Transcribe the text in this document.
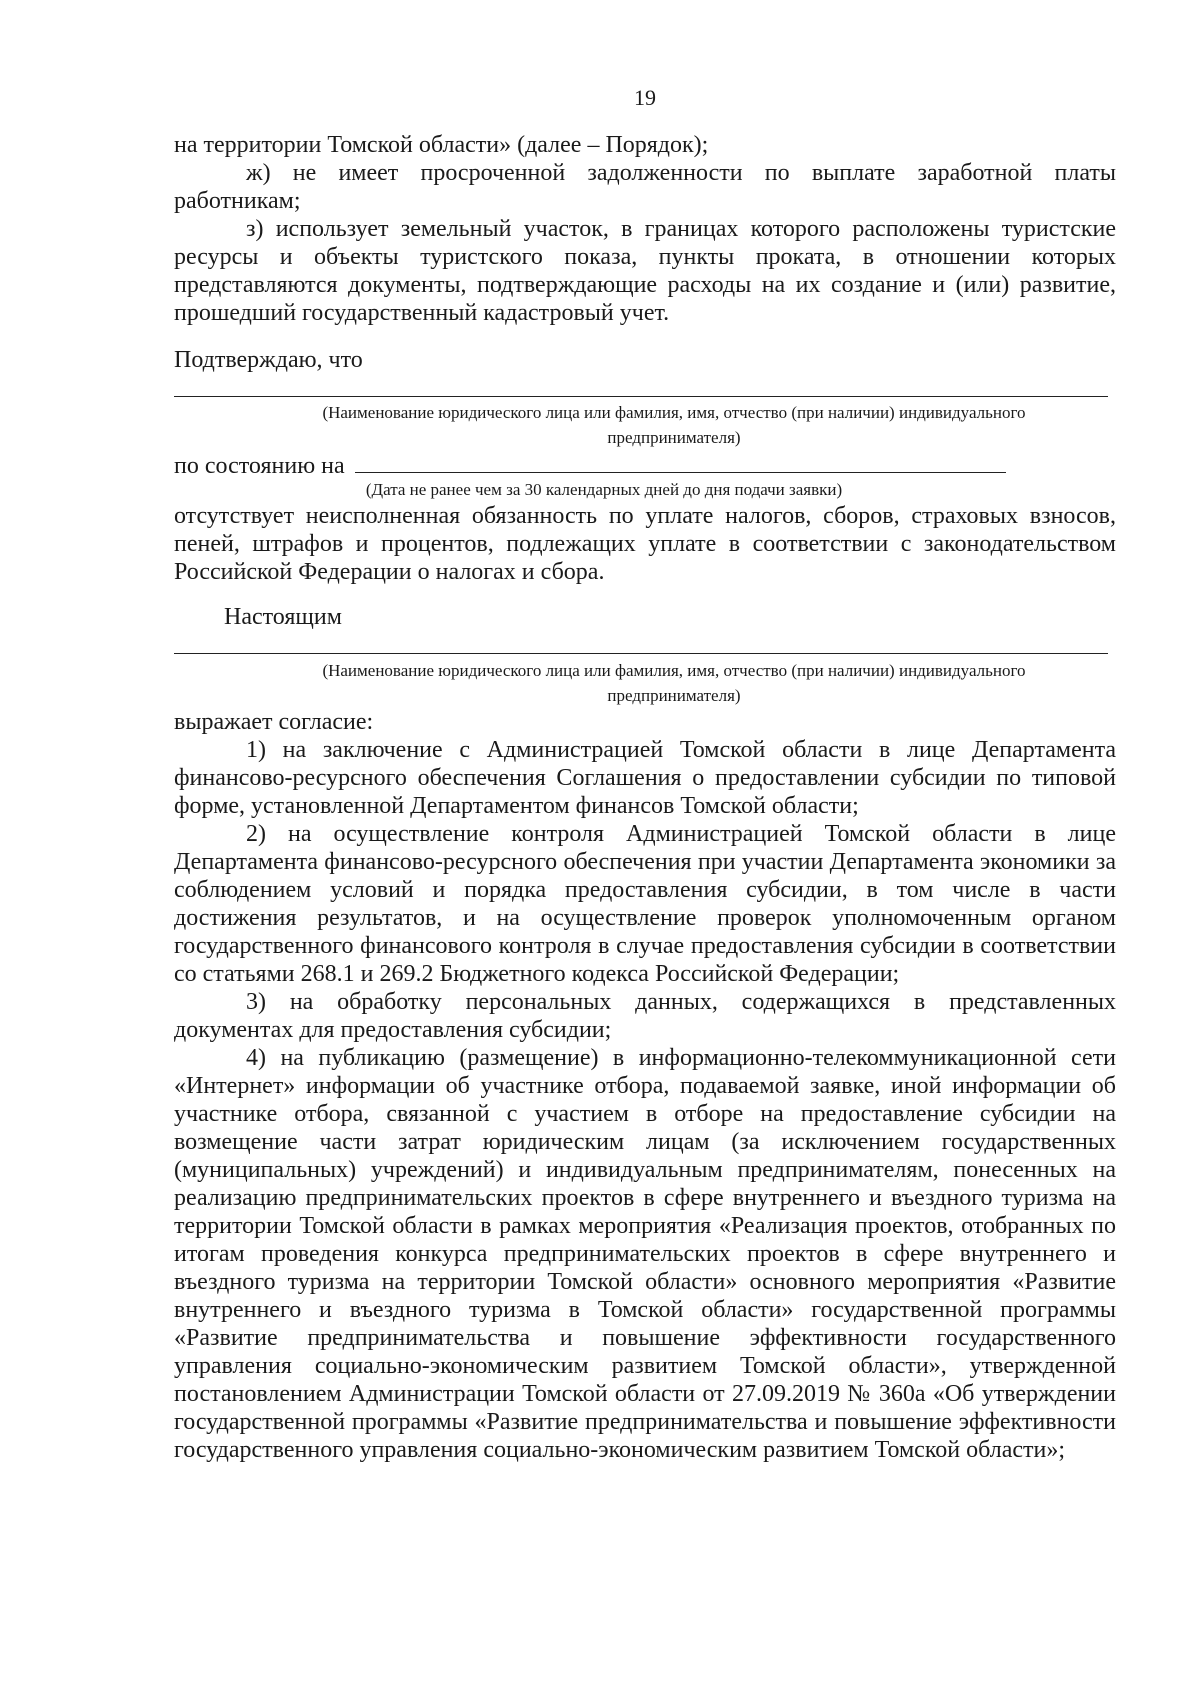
19
на территории Томской области» (далее – Порядок);
ж) не имеет просроченной задолженности по выплате заработной платы работникам;
з) использует земельный участок, в границах которого расположены туристские ресурсы и объекты туристского показа, пункты проката, в отношении которых представляются документы, подтверждающие расходы на их создание и (или) развитие, прошедший государственный кадастровый учет.
Подтверждаю, что
(Наименование юридического лица или фамилия, имя, отчество (при наличии) индивидуального
предпринимателя)
по состоянию на
(Дата не ранее чем за 30 календарных дней до дня подачи заявки)
отсутствует неисполненная обязанность по уплате налогов, сборов, страховых взносов, пеней, штрафов и процентов, подлежащих уплате в соответствии с законодательством Российской Федерации о налогах и сбора.
Настоящим
(Наименование юридического лица или фамилия, имя, отчество (при наличии) индивидуального
предпринимателя)
выражает согласие:
1) на заключение с Администрацией Томской области в лице Департамента финансово-ресурсного обеспечения Соглашения о предоставлении субсидии по типовой форме, установленной Департаментом финансов Томской области;
2) на осуществление контроля Администрацией Томской области в лице Департамента финансово-ресурсного обеспечения при участии Департамента экономики за соблюдением условий и порядка предоставления субсидии, в том числе в части достижения результатов, и на осуществление проверок уполномоченным органом государственного финансового контроля в случае предоставления субсидии в соответствии со статьями 268.1 и 269.2 Бюджетного кодекса Российской Федерации;
3) на обработку персональных данных, содержащихся в представленных документах для предоставления субсидии;
4) на публикацию (размещение) в информационно-телекоммуникационной сети «Интернет» информации об участнике отбора, подаваемой заявке, иной информации об участнике отбора, связанной с участием в отборе на предоставление субсидии на возмещение части затрат юридическим лицам (за исключением государственных (муниципальных) учреждений) и индивидуальным предпринимателям, понесенных на реализацию предпринимательских проектов в сфере внутреннего и въездного туризма на территории Томской области в рамках мероприятия «Реализация проектов, отобранных по итогам проведения конкурса предпринимательских проектов в сфере внутреннего и въездного туризма на территории Томской области» основного мероприятия «Развитие внутреннего и въездного туризма в Томской области» государственной программы «Развитие предпринимательства и повышение эффективности государственного управления социально-экономическим развитием Томской области», утвержденной постановлением Администрации Томской области от 27.09.2019 № 360а «Об утверждении государственной программы «Развитие предпринимательства и повышение эффективности государственного управления социально-экономическим развитием Томской области»;
